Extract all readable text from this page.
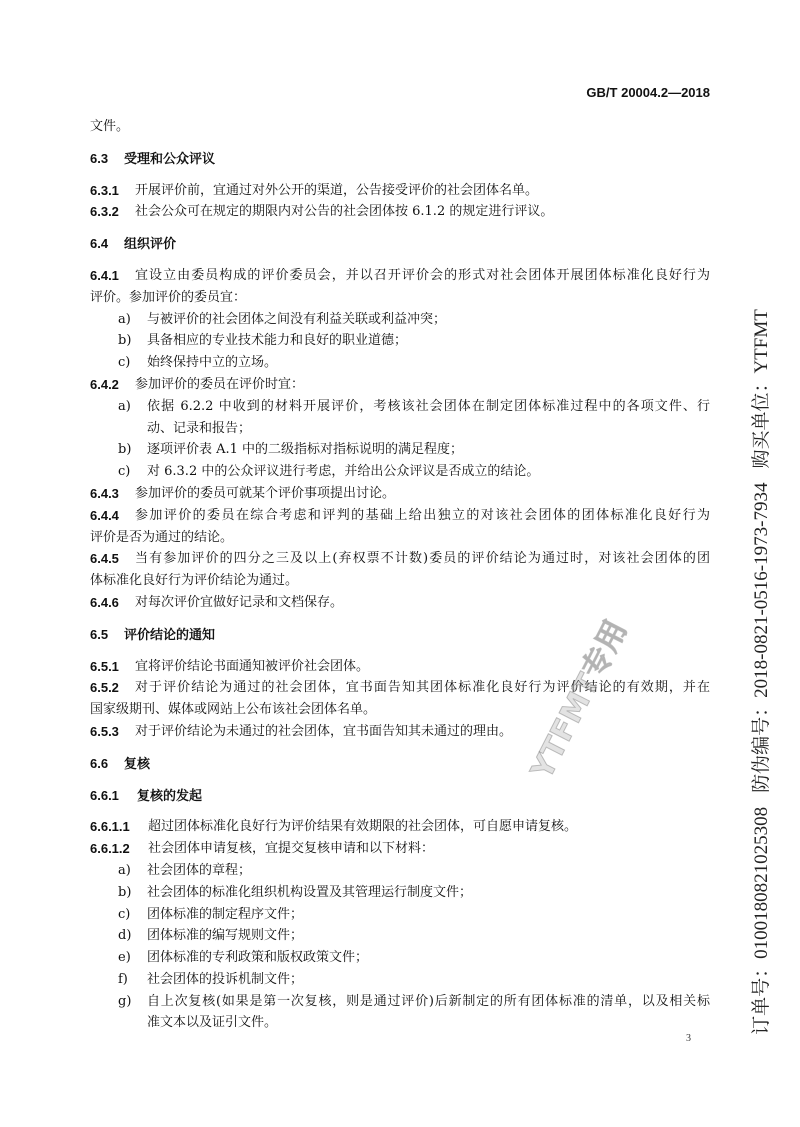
GB/T 20004.2—2018
文件。
6.3	受理和公众评议
6.3.1	开展评价前，宜通过对外公开的渠道，公告接受评价的社会团体名单。
6.3.2	社会公众可在规定的期限内对公告的社会团体按 6.1.2 的规定进行评议。
6.4	组织评价
6.4.1	宜设立由委员构成的评价委员会，并以召开评价会的形式对社会团体开展团体标准化良好行为
评价。参加评价的委员宜：
a)	与被评价的社会团体之间没有利益关联或利益冲突；
b)	具备相应的专业技术能力和良好的职业道德；
c)	始终保持中立的立场。
6.4.2	参加评价的委员在评价时宜：
a)	依据 6.2.2 中收到的材料开展评价，考核该社会团体在制定团体标准过程中的各项文件、行
动、记录和报告；
b)	逐项评价表 A.1 中的二级指标对指标说明的满足程度；
c)	对 6.3.2 中的公众评议进行考虑，并给出公众评议是否成立的结论。
6.4.3	参加评价的委员可就某个评价事项提出讨论。
6.4.4	参加评价的委员在综合考虑和评判的基础上给出独立的对该社会团体的团体标准化良好行为
评价是否为通过的结论。
6.4.5	当有参加评价的四分之三及以上(弃权票不计数)委员的评价结论为通过时，对该社会团体的团
体标准化良好行为评价结论为通过。
6.4.6	对每次评价宜做好记录和文档保存。
6.5	评价结论的通知
6.5.1	宜将评价结论书面通知被评价社会团体。
6.5.2	对于评价结论为通过的社会团体，宜书面告知其团体标准化良好行为评价结论的有效期，并在
国家级期刊、媒体或网站上公布该社会团体名单。
6.5.3	对于评价结论为未通过的社会团体，宜书面告知其未通过的理由。
6.6	复核
6.6.1	复核的发起
6.6.1.1	超过团体标准化良好行为评价结果有效期限的社会团体，可自愿申请复核。
6.6.1.2	社会团体申请复核，宜提交复核申请和以下材料：
a)	社会团体的章程；
b)	社会团体的标准化组织机构设置及其管理运行制度文件；
c)	团体标准的制定程序文件；
d)	团体标准的编写规则文件；
e)	团体标准的专利政策和版权政策文件；
f)	社会团体的投诉机制文件；
g)	自上次复核(如果是第一次复核，则是通过评价)后新制定的所有团体标准的清单，以及相关标
准文本以及证引文件。
3
订单号：0100180821025308
防伪编号：2018-0821-0516-1973-7934
购买单位：YTFMT
YTFMT专用
